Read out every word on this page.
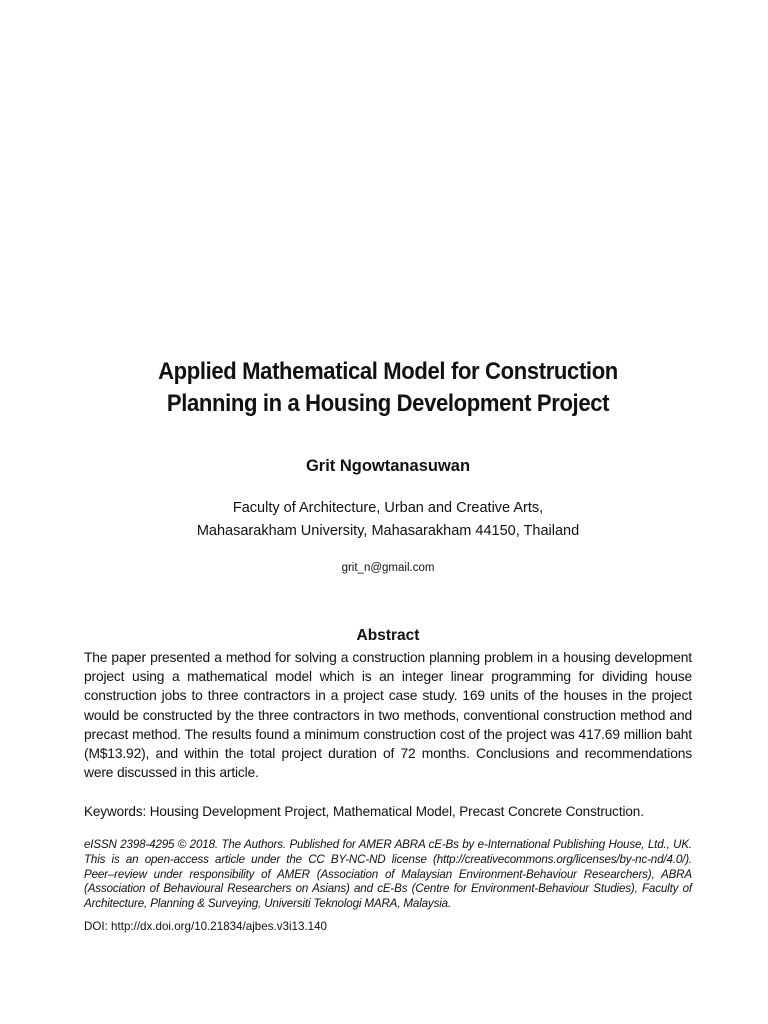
Applied Mathematical Model for Construction
Planning in a Housing Development Project
Grit Ngowtanasuwan
Faculty of Architecture, Urban and Creative Arts,
Mahasarakham University, Mahasarakham 44150, Thailand
grit_n@gmail.com
Abstract
The paper presented a method for solving a construction planning problem in a housing development project using a mathematical model which is an integer linear programming for dividing house construction jobs to three contractors in a project case study. 169 units of the houses in the project would be constructed by the three contractors in two methods, conventional construction method and precast method. The results found a minimum construction cost of the project was 417.69 million baht (M$13.92), and within the total project duration of 72 months. Conclusions and recommendations were discussed in this article.
Keywords: Housing Development Project, Mathematical Model, Precast Concrete Construction.
eISSN 2398-4295 © 2018. The Authors. Published for AMER ABRA cE-Bs by e-International Publishing House, Ltd., UK. This is an open-access article under the CC BY-NC-ND license (http://creativecommons.org/licenses/by-nc-nd/4.0/). Peer–review under responsibility of AMER (Association of Malaysian Environment-Behaviour Researchers), ABRA (Association of Behavioural Researchers on Asians) and cE-Bs (Centre for Environment-Behaviour Studies), Faculty of Architecture, Planning & Surveying, Universiti Teknologi MARA, Malaysia.
DOI: http://dx.doi.org/10.21834/ajbes.v3i13.140
